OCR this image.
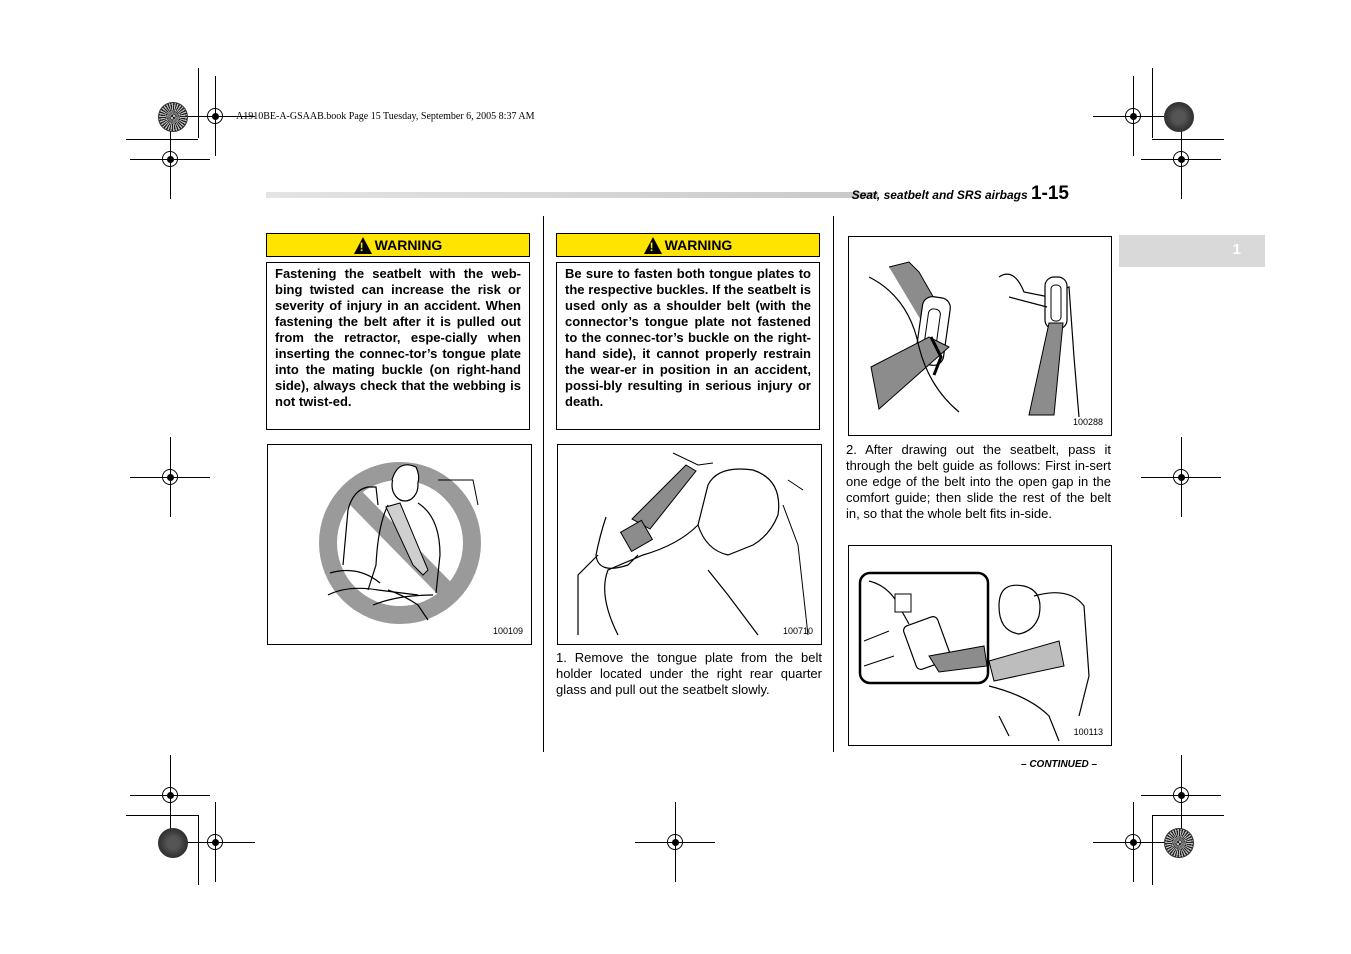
A1910BE-A-GSAAB.book Page 15 Tuesday, September 6, 2005 8:37 AM
Seat, seatbelt and SRS airbags 1-15
1
!
WARNING
Fastening the seatbelt with the web-bing twisted can increase the risk or severity of injury in an accident. When fastening the belt after it is pulled out from the retractor, espe-cially when inserting the connec-tor’s tongue plate into the mating buckle (on right-hand side), always check that the webbing is not twist-ed.
100109
!
WARNING
Be sure to fasten both tongue plates to the respective buckles. If the seatbelt is used only as a shoulder belt (with the connector’s tongue plate not fastened to the connec-tor’s buckle on the right-hand side), it cannot properly restrain the wear-er in position in an accident, possi-bly resulting in serious injury or death.
100710
1. Remove the tongue plate from the belt holder located under the right rear quarter glass and pull out the seatbelt slowly.
100288
2. After drawing out the seatbelt, pass it through the belt guide as follows: First in-sert one edge of the belt into the open gap in the comfort guide; then slide the rest of the belt in, so that the whole belt fits in-side.
100113
– CONTINUED –
